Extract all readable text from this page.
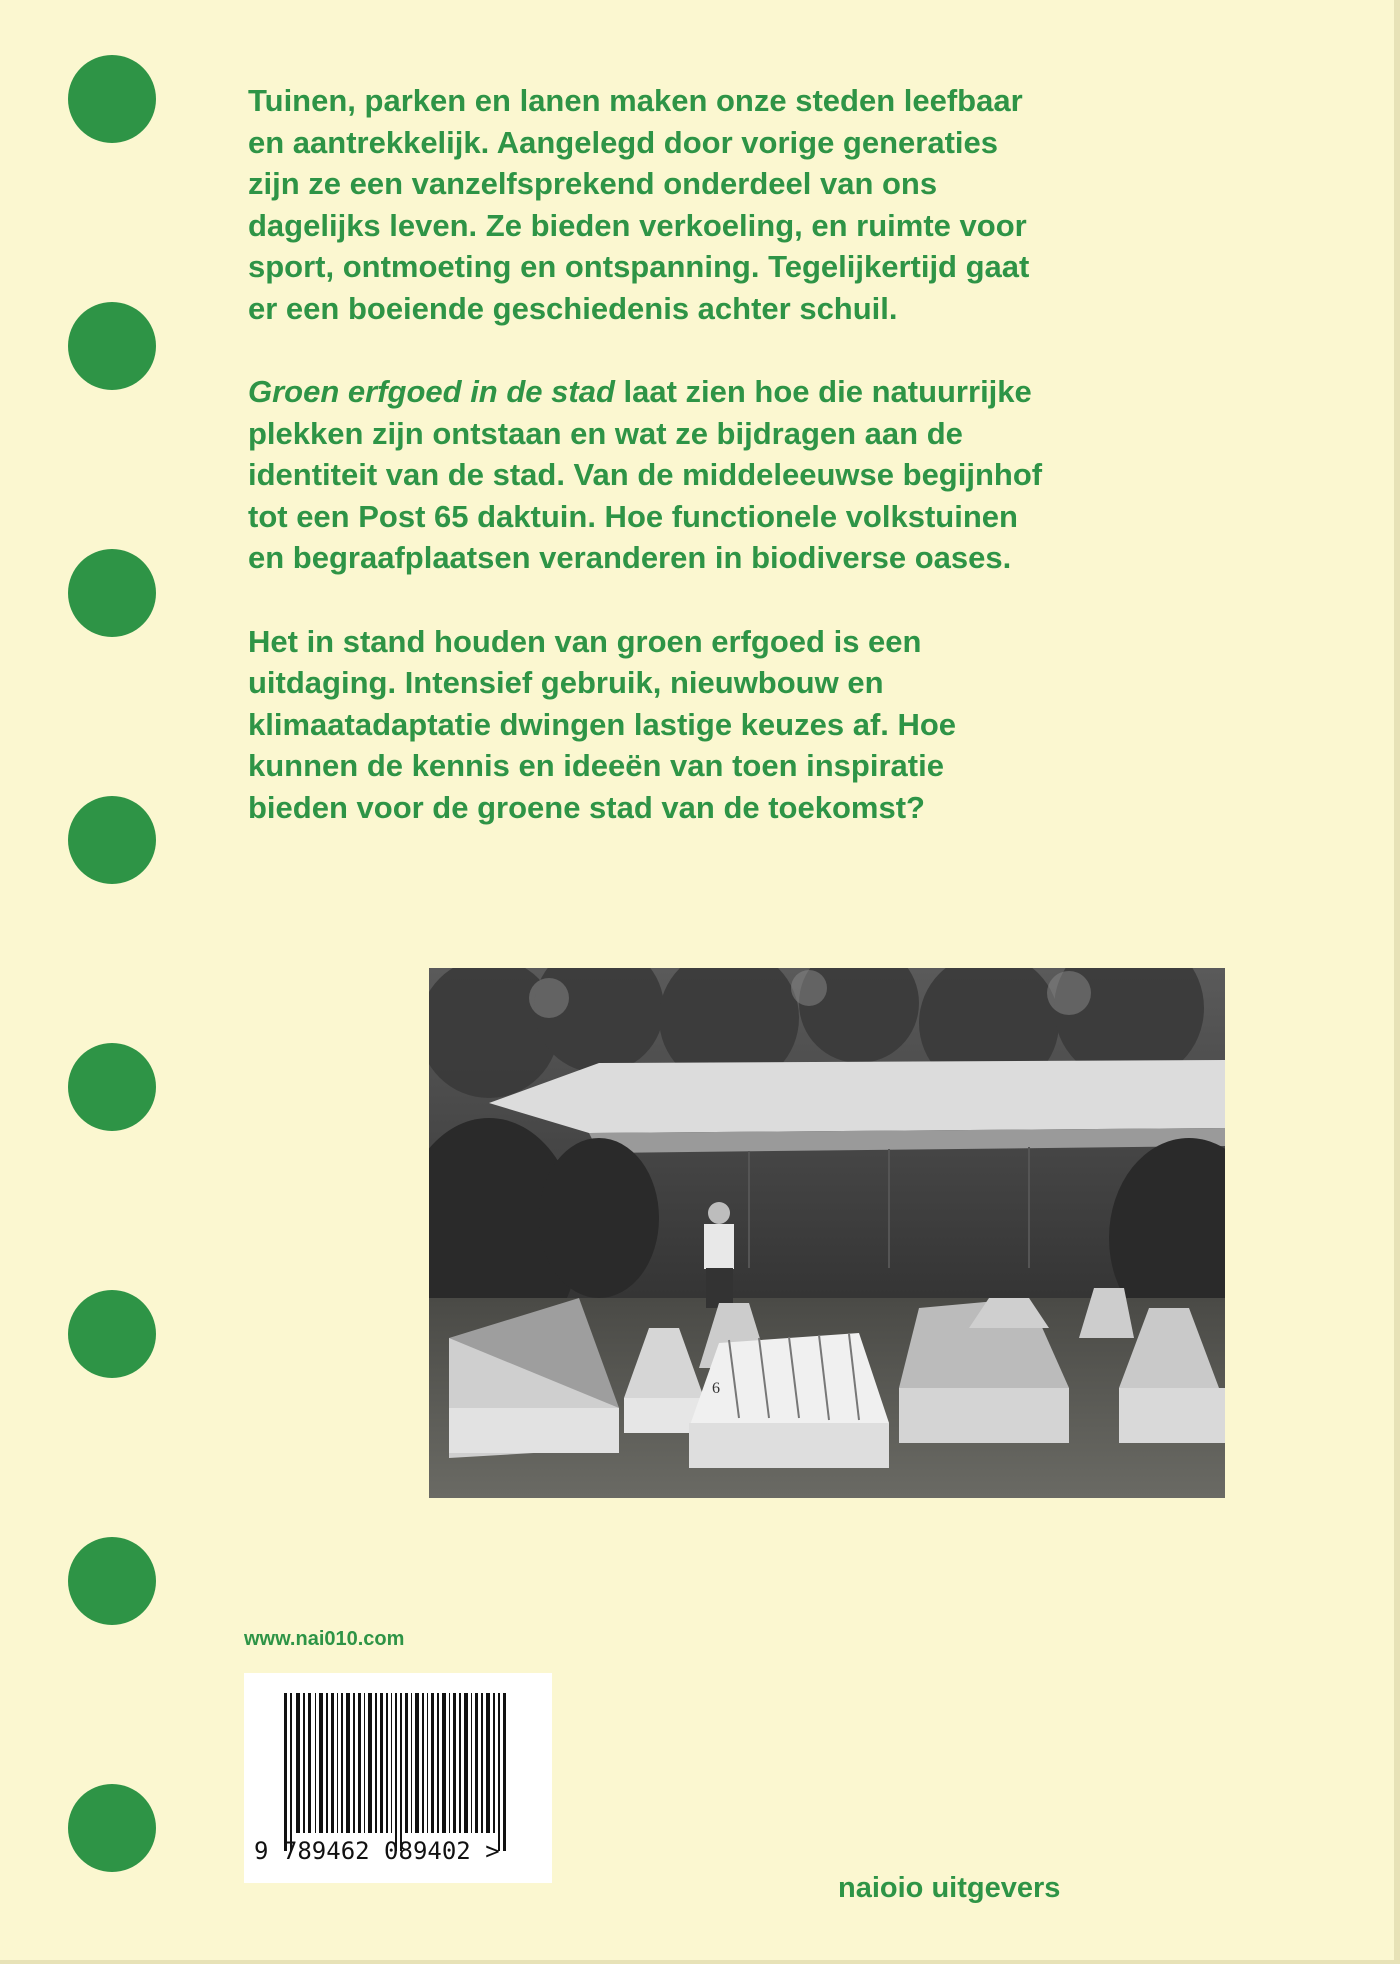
Tuinen, parken en lanen maken onze steden leefbaar
en aantrekkelijk. Aangelegd door vorige generaties
zijn ze een vanzelfsprekend onderdeel van ons
dagelijks leven. Ze bieden verkoeling, en ruimte voor
sport, ontmoeting en ontspanning. Tegelijkertijd gaat
er een boeiende geschiedenis achter schuil.

Groen erfgoed in de stad laat zien hoe die natuurrijke
plekken zijn ontstaan en wat ze bijdragen aan de
identiteit van de stad. Van de middeleeuwse begijnhof
tot een Post 65 daktuin. Hoe functionele volkstuinen
en begraafplaatsen veranderen in biodiverse oases.

Het in stand houden van groen erfgoed is een
uitdaging. Intensief gebruik, nieuwbouw en
klimaatadaptatie dwingen lastige keuzes af. Hoe
kunnen de kennis en ideeën van toen inspiratie
bieden voor de groene stad van de toekomst?

6
www.nai010.com
9 789462 089402 >
naioio uitgevers
